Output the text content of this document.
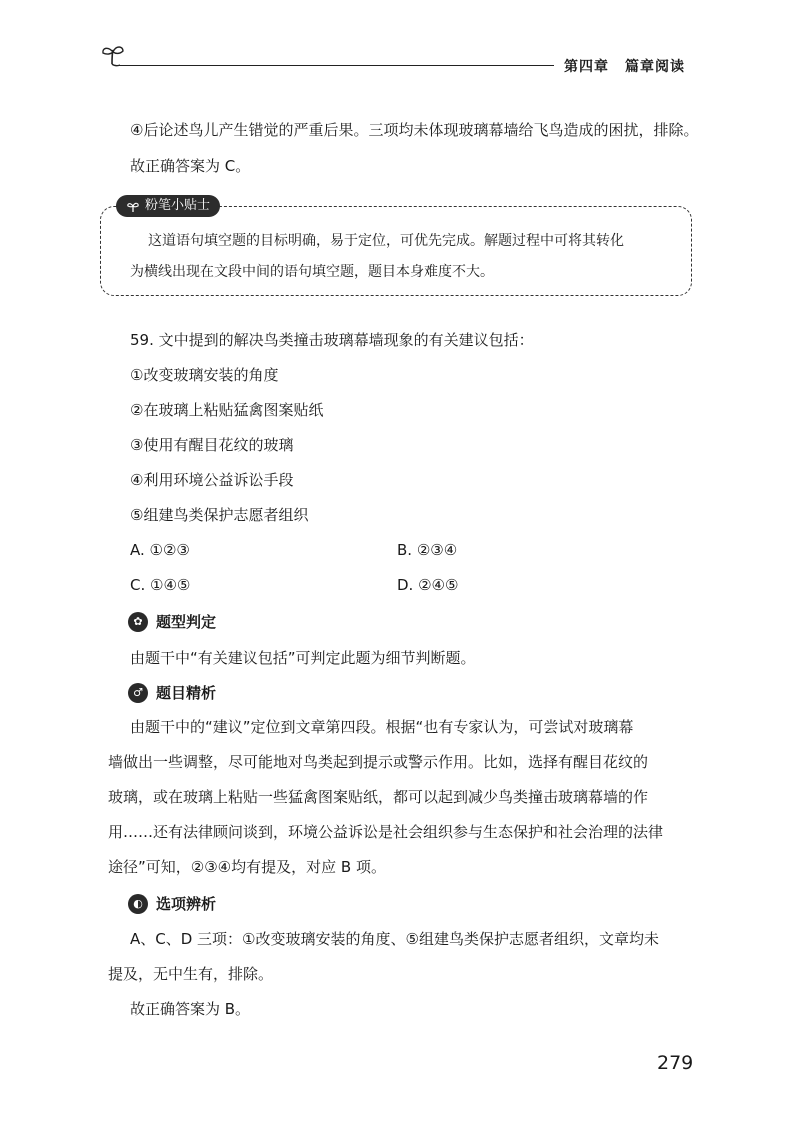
第四章 篇章阅读
④后论述鸟儿产生错觉的严重后果。三项均未体现玻璃幕墙给飞鸟造成的困扰，排除。
故正确答案为 C。
粉笔小贴士
这道语句填空题的目标明确，易于定位，可优先完成。解题过程中可将其转化
为横线出现在文段中间的语句填空题，题目本身难度不大。
59. 文中提到的解决鸟类撞击玻璃幕墙现象的有关建议包括：
①改变玻璃安装的角度
②在玻璃上粘贴猛禽图案贴纸
③使用有醒目花纹的玻璃
④利用环境公益诉讼手段
⑤组建鸟类保护志愿者组织
A. ①②③	B. ②③④
C. ①④⑤	D. ②④⑤
✿ 题型判定
由题干中“有关建议包括”可判定此题为细节判断题。
♂ 题目精析
由题干中的“建议”定位到文章第四段。根据“也有专家认为，可尝试对玻璃幕
墙做出一些调整，尽可能地对鸟类起到提示或警示作用。比如，选择有醒目花纹的
玻璃，或在玻璃上粘贴一些猛禽图案贴纸，都可以起到减少鸟类撞击玻璃幕墙的作
用……还有法律顾问谈到，环境公益诉讼是社会组织参与生态保护和社会治理的法律
途径”可知，②③④均有提及，对应 B 项。
◐ 选项辨析
A、C、D 三项：①改变玻璃安装的角度、⑤组建鸟类保护志愿者组织，文章均未
提及，无中生有，排除。
故正确答案为 B。
279
